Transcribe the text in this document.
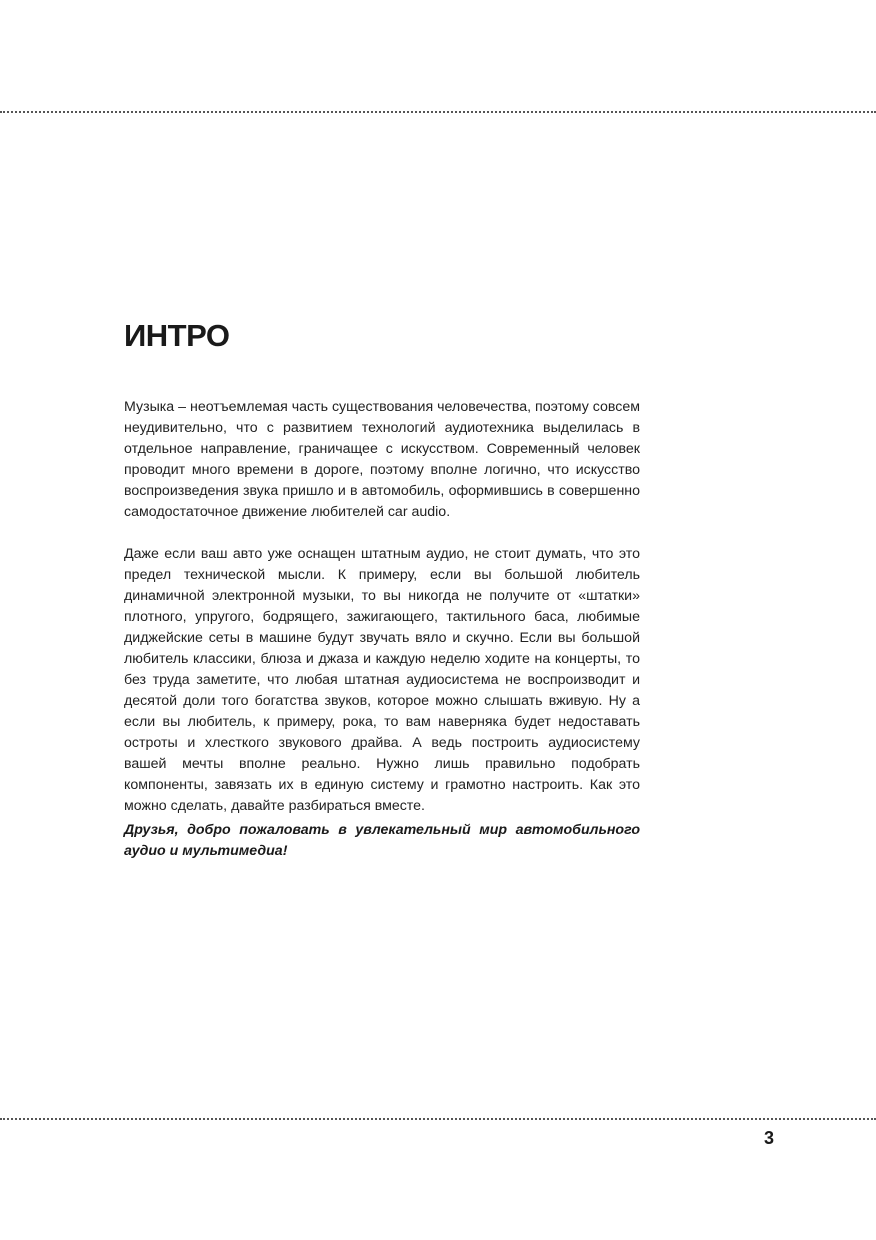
ИНТРО

Музыка – неотъемлемая часть существования человечества, поэтому совсем неудивительно, что с развитием технологий аудиотехника выделилась в отдельное направление, граничащее с искусством. Современный человек проводит много времени в дороге, поэтому вполне логично, что искусство воспроизведения звука пришло и в автомобиль, оформившись в совершенно самодостаточное движение любителей car audio.

Даже если ваш авто уже оснащен штатным аудио, не стоит думать, что это предел технической мысли. К примеру, если вы большой любитель динамичной электронной музыки, то вы никогда не получите от «штатки» плотного, упругого, бодрящего, зажигающего, тактильного баса, любимые диджейские сеты в машине будут звучать вяло и скучно. Если вы большой любитель классики, блюза и джаза и каждую неделю ходите на концерты, то без труда заметите, что любая штатная аудиосистема не воспроизводит и десятой доли того богатства звуков, которое можно слышать вживую. Ну а если вы любитель, к примеру, рока, то вам наверняка будет недоставать остроты и хлесткого звукового драйва. А ведь построить аудиосистему вашей мечты вполне реально. Нужно лишь правильно подобрать компоненты, завязать их в единую систему и грамотно настроить. Как это можно сделать, давайте разбираться вместе.

Друзья, добро пожаловать в увлекательный мир автомобильного аудио и мультимедиа!

3
